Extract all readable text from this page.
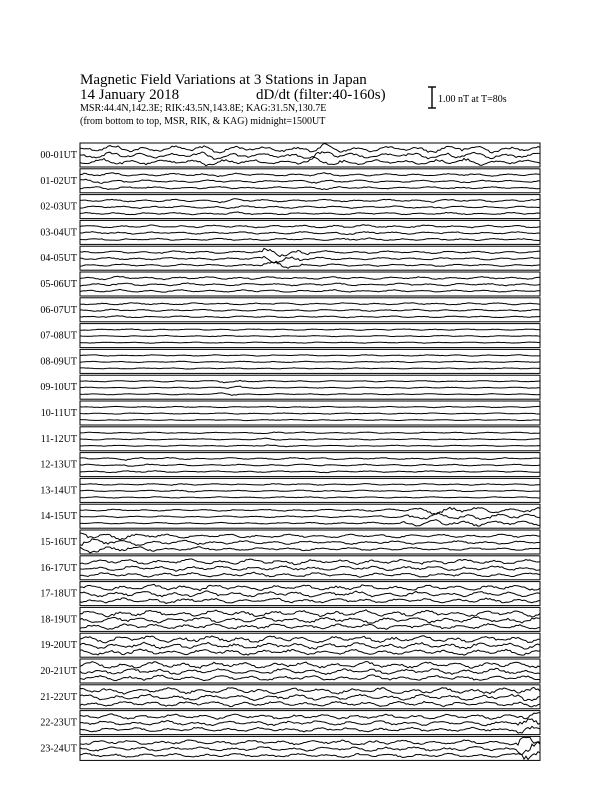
Magnetic Field Variations at 3 Stations in Japan
14 January 2018	dD/dt (filter:40-160s)
MSR:44.4N,142.3E; RIK:43.5N,143.8E; KAG:31.5N,130.7E
(from bottom to top, MSR, RIK, & KAG) midnight=1500UT
1.00 nT at T=80s
00-01UT
01-02UT
02-03UT
03-04UT
04-05UT
05-06UT
06-07UT
07-08UT
08-09UT
09-10UT
10-11UT
11-12UT
12-13UT
13-14UT
14-15UT
15-16UT
16-17UT
17-18UT
18-19UT
19-20UT
20-21UT
21-22UT
22-23UT
23-24UT
